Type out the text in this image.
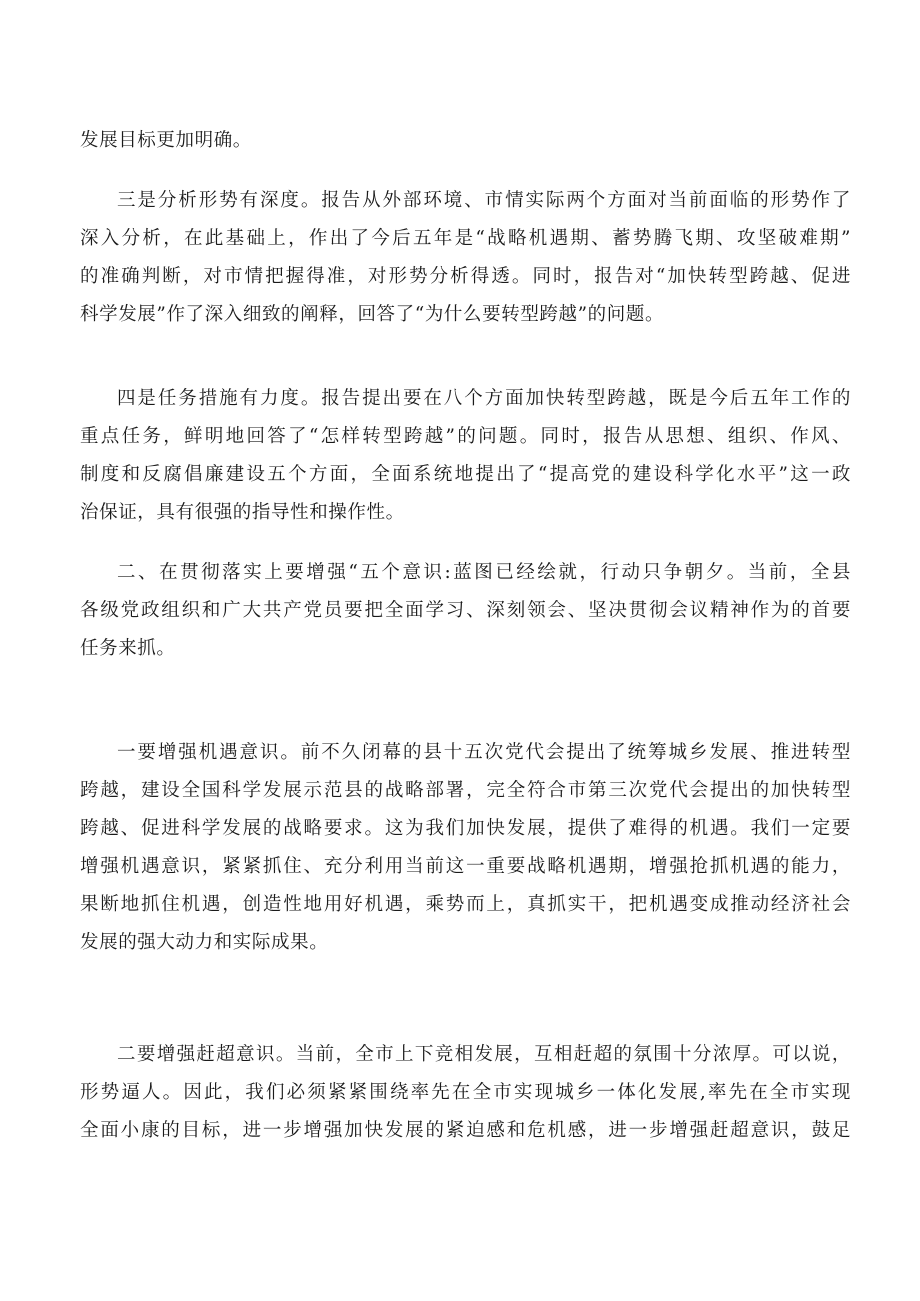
发展目标更加明确。

三是分析形势有深度。报告从外部环境、市情实际两个方面对当前面临的形势作了
深入分析，在此基础上，作出了今后五年是“战略机遇期、蓄势腾飞期、攻坚破难期”
的准确判断，对市情把握得准，对形势分析得透。同时，报告对“加快转型跨越、促进
科学发展”作了深入细致的阐释，回答了“为什么要转型跨越”的问题。

四是任务措施有力度。报告提出要在八个方面加快转型跨越，既是今后五年工作的
重点任务，鲜明地回答了“怎样转型跨越”的问题。同时，报告从思想、组织、作风、
制度和反腐倡廉建设五个方面，全面系统地提出了“提高党的建设科学化水平”这一政
治保证，具有很强的指导性和操作性。

二、在贯彻落实上要增强“五个意识:蓝图已经绘就，行动只争朝夕。当前，全县
各级党政组织和广大共产党员要把全面学习、深刻领会、坚决贯彻会议精神作为的首要
任务来抓。

一要增强机遇意识。前不久闭幕的县十五次党代会提出了统筹城乡发展、推进转型
跨越，建设全国科学发展示范县的战略部署，完全符合市第三次党代会提出的加快转型
跨越、促进科学发展的战略要求。这为我们加快发展，提供了难得的机遇。我们一定要
增强机遇意识，紧紧抓住、充分利用当前这一重要战略机遇期，增强抢抓机遇的能力，
果断地抓住机遇，创造性地用好机遇，乘势而上，真抓实干，把机遇变成推动经济社会
发展的强大动力和实际成果。

二要增强赶超意识。当前，全市上下竞相发展，互相赶超的氛围十分浓厚。可以说，
形势逼人。因此，我们必须紧紧围绕率先在全市实现城乡一体化发展,率先在全市实现
全面小康的目标，进一步增强加快发展的紧迫感和危机感，进一步增强赶超意识，鼓足
